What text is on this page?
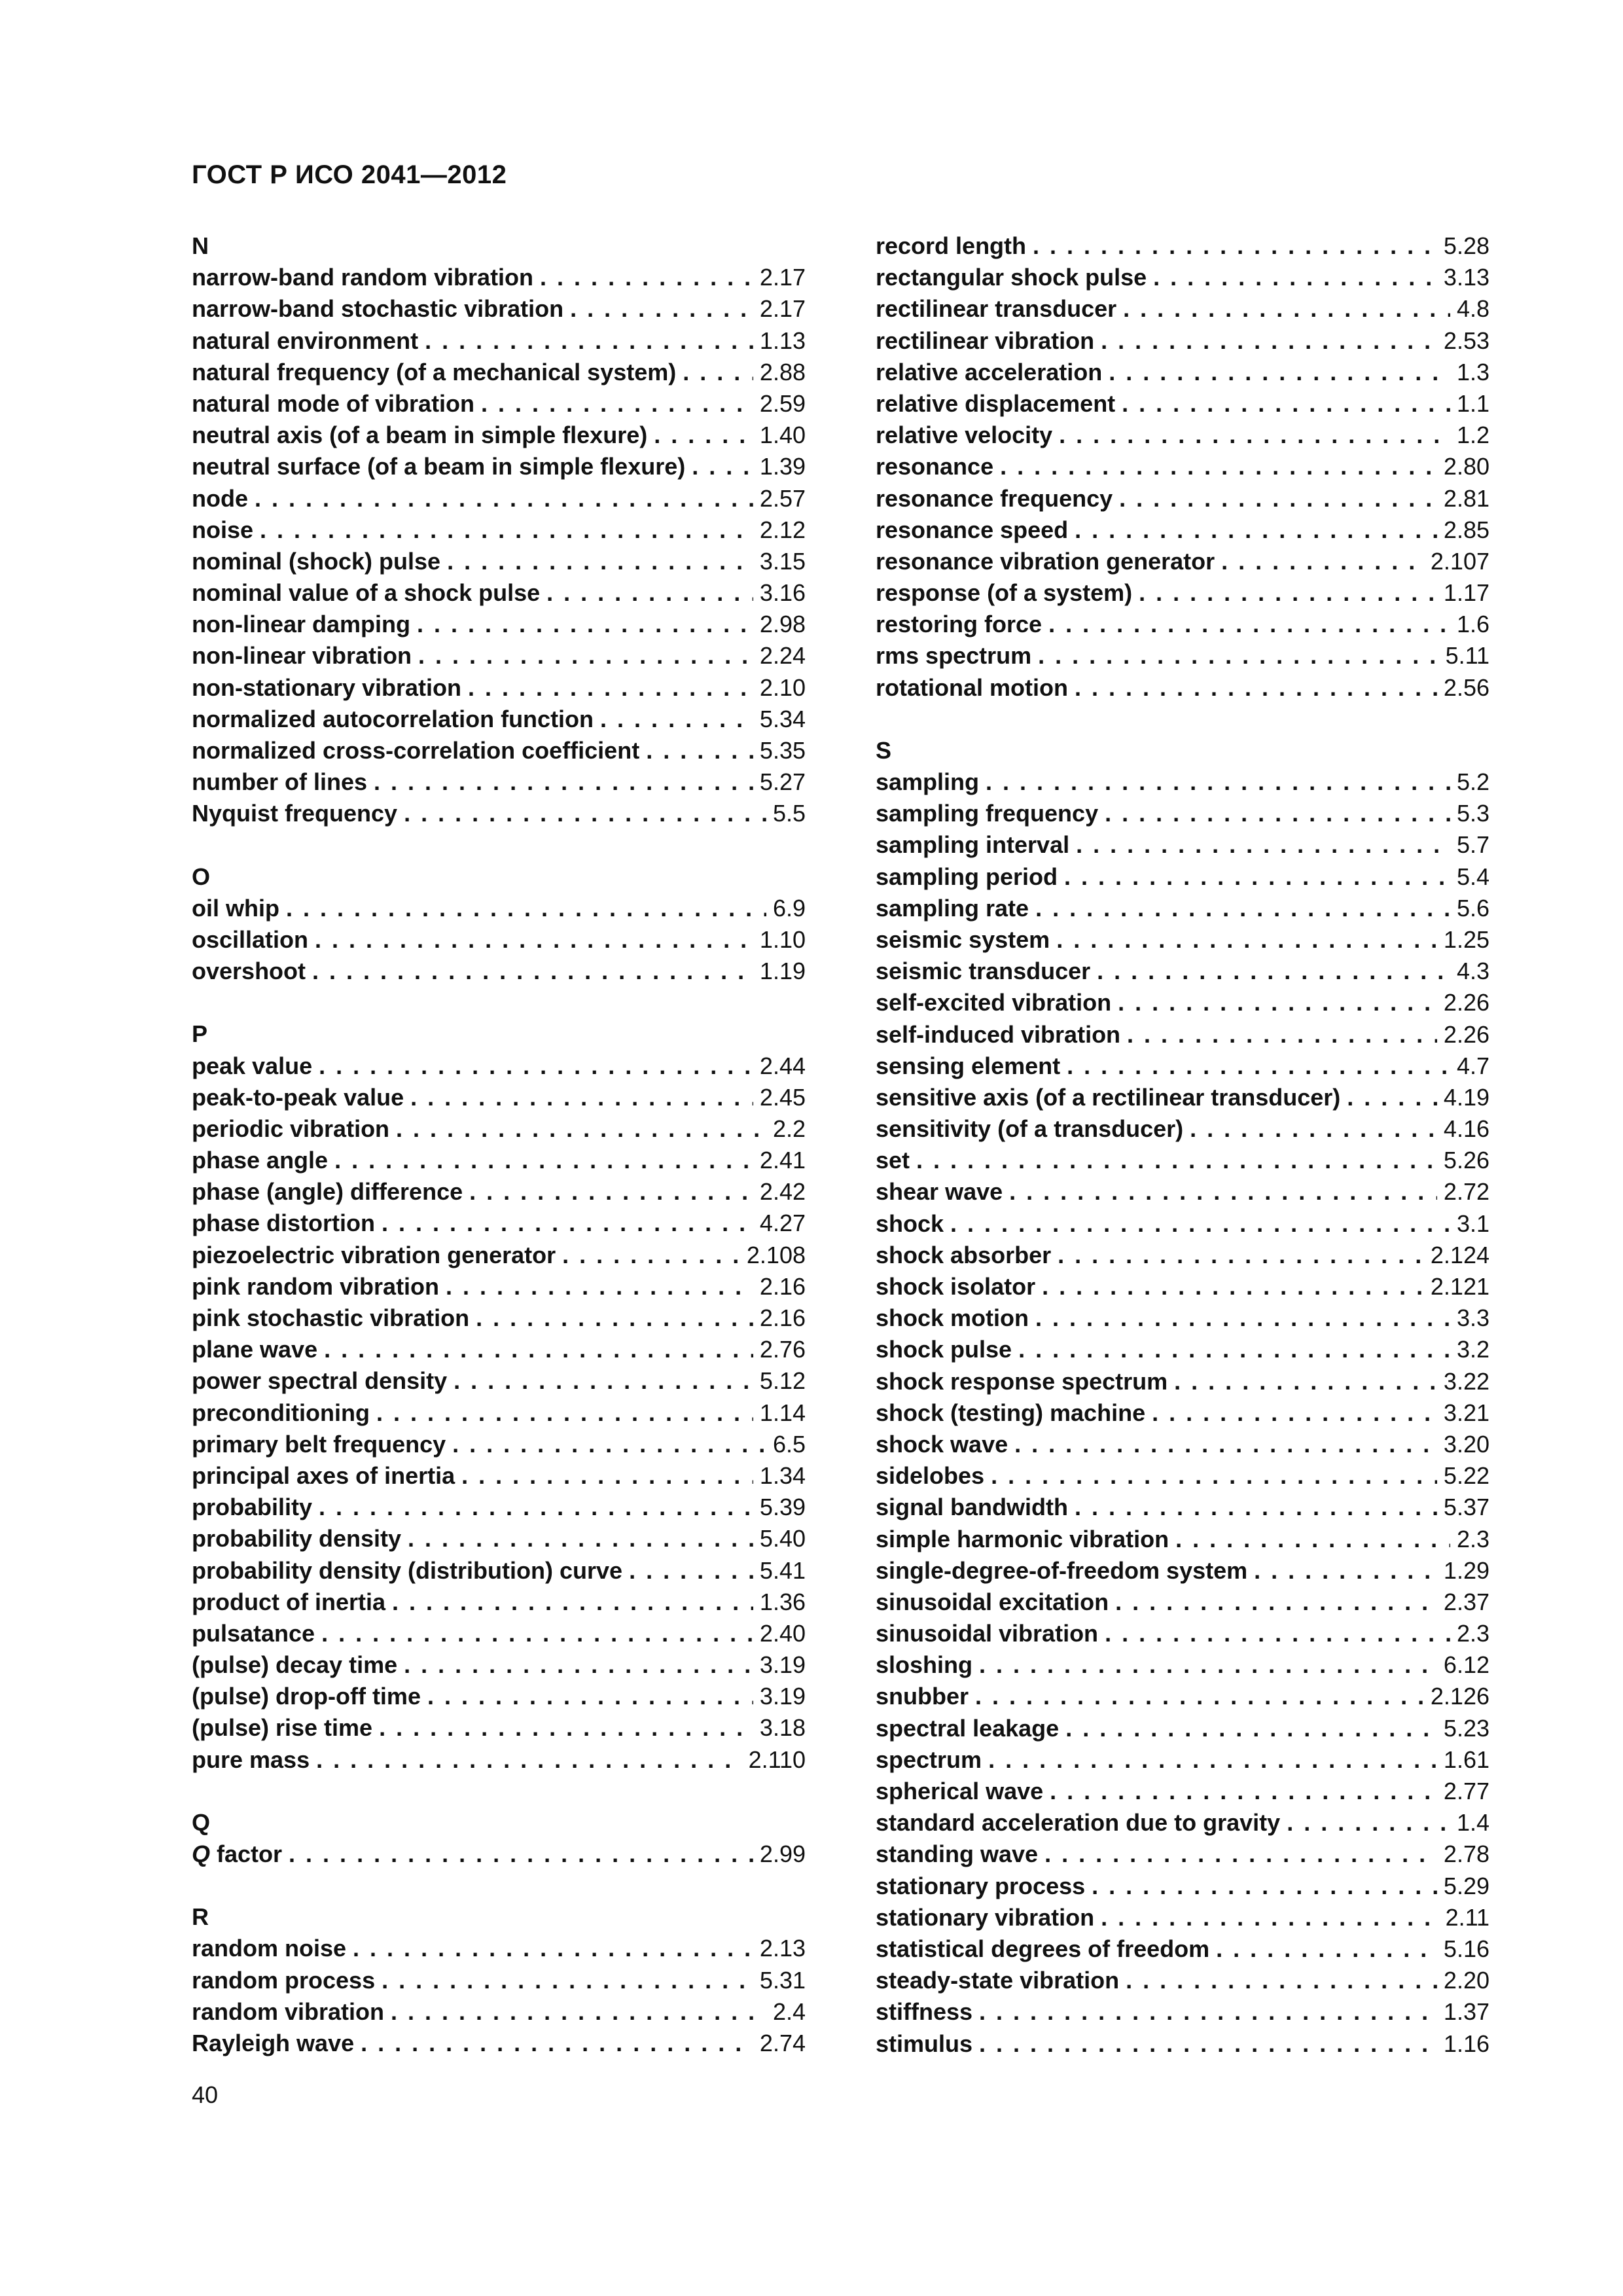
ГОСТ Р ИСО 2041—2012
N
narrow-band random vibration . . .	2.17
narrow-band stochastic vibration . . .	2.17
natural environment . . .	1.13
natural frequency (of a mechanical system) . . .	2.88
natural mode of vibration . . .	2.59
neutral axis (of a beam in simple flexure) . . .	1.40
neutral surface (of a beam in simple flexure) . . .	1.39
node . . .	2.57
noise . . .	2.12
nominal (shock) pulse . . .	3.15
nominal value of a shock pulse . . .	3.16
non-linear damping . . .	2.98
non-linear vibration . . .	2.24
non-stationary vibration . . .	2.10
normalized autocorrelation function . . .	5.34
normalized cross-correlation coefficient . . .	5.35
number of lines . . .	5.27
Nyquist frequency . . .	5.5
O
oil whip . . .	6.9
oscillation . . .	1.10
overshoot . . .	1.19
P
peak value . . .	2.44
peak-to-peak value . . .	2.45
periodic vibration . . .	2.2
phase angle . . .	2.41
phase (angle) difference . . .	2.42
phase distortion . . .	4.27
piezoelectric vibration generator . . .	2.108
pink random vibration . . .	2.16
pink stochastic vibration . . .	2.16
plane wave . . .	2.76
power spectral density . . .	5.12
preconditioning . . .	1.14
primary belt frequency . . .	6.5
principal axes of inertia . . .	1.34
probability . . .	5.39
probability density . . .	5.40
probability density (distribution) curve . . .	5.41
product of inertia . . .	1.36
pulsatance . . .	2.40
(pulse) decay time . . .	3.19
(pulse) drop-off time . . .	3.19
(pulse) rise time . . .	3.18
pure mass . . .	2.110
Q
Q factor . . .	2.99
R
random noise . . .	2.13
random process . . .	5.31
random vibration . . .	2.4
Rayleigh wave . . .	2.74
record length . . .	5.28
rectangular shock pulse . . .	3.13
rectilinear transducer . . .	4.8
rectilinear vibration . . .	2.53
relative acceleration . . .	1.3
relative displacement . . .	1.1
relative velocity . . .	1.2
resonance . . .	2.80
resonance frequency . . .	2.81
resonance speed . . .	2.85
resonance vibration generator . . .	2.107
response (of a system) . . .	1.17
restoring force . . .	1.6
rms spectrum . . .	5.11
rotational motion . . .	2.56
S
sampling . . .	5.2
sampling frequency . . .	5.3
sampling interval . . .	5.7
sampling period . . .	5.4
sampling rate . . .	5.6
seismic system . . .	1.25
seismic transducer . . .	4.3
self-excited vibration . . .	2.26
self-induced vibration . . .	2.26
sensing element . . .	4.7
sensitive axis (of a rectilinear transducer) . . .	4.19
sensitivity (of a transducer) . . .	4.16
set . . .	5.26
shear wave . . .	2.72
shock . . .	3.1
shock absorber . . .	2.124
shock isolator . . .	2.121
shock motion . . .	3.3
shock pulse . . .	3.2
shock response spectrum . . .	3.22
shock (testing) machine . . .	3.21
shock wave . . .	3.20
sidelobes . . .	5.22
signal bandwidth . . .	5.37
simple harmonic vibration . . .	2.3
single-degree-of-freedom system . . .	1.29
sinusoidal excitation . . .	2.37
sinusoidal vibration . . .	2.3
sloshing . . .	6.12
snubber . . .	2.126
spectral leakage . . .	5.23
spectrum . . .	1.61
spherical wave . . .	2.77
standard acceleration due to gravity . . .	1.4
standing wave . . .	2.78
stationary process . . .	5.29
stationary vibration . . .	2.11
statistical degrees of freedom . . .	5.16
steady-state vibration . . .	2.20
stiffness . . .	1.37
stimulus . . .	1.16
40
